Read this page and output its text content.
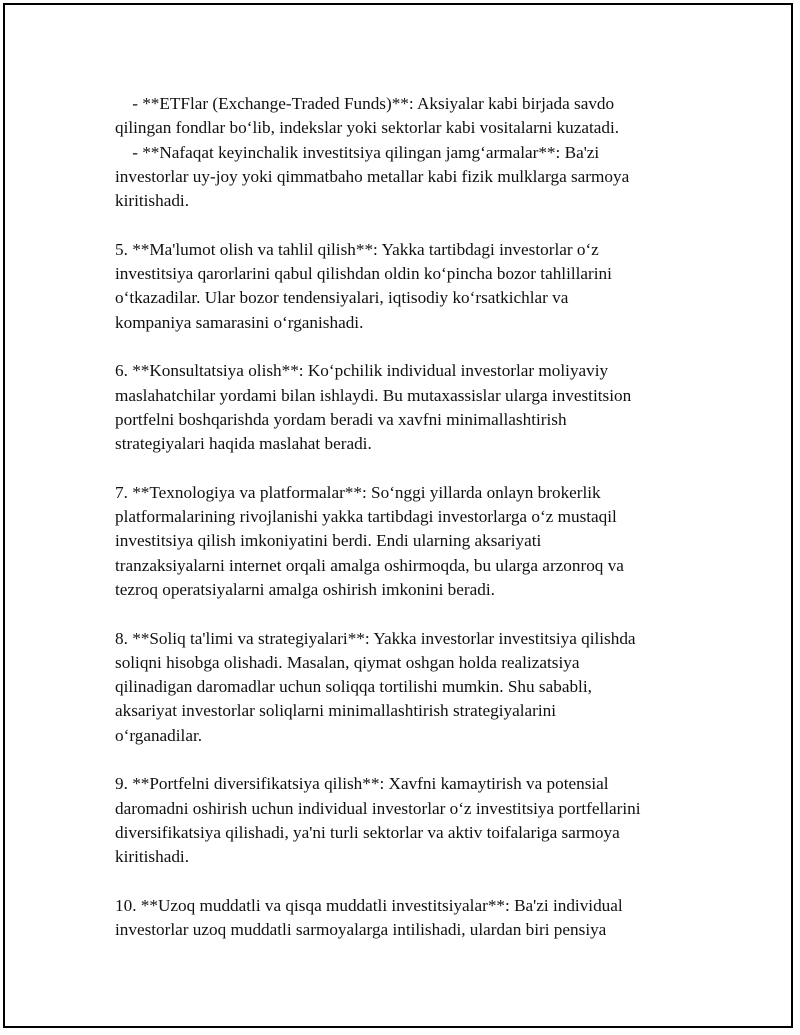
- **ETFlar (Exchange-Traded Funds)**: Aksiyalar kabi birjada savdo
qilingan fondlar bo‘lib, indekslar yoki sektorlar kabi vositalarni kuzatadi.
- **Nafaqat keyinchalik investitsiya qilingan jamg‘armalar**: Ba'zi
investorlar uy-joy yoki qimmatbaho metallar kabi fizik mulklarga sarmoya
kiritishadi.
5. **Ma'lumot olish va tahlil qilish**: Yakka tartibdagi investorlar o‘z
investitsiya qarorlarini qabul qilishdan oldin ko‘pincha bozor tahlillarini
o‘tkazadilar. Ular bozor tendensiyalari, iqtisodiy ko‘rsatkichlar va
kompaniya samarasini o‘rganishadi.
6. **Konsultatsiya olish**: Ko‘pchilik individual investorlar moliyaviy
maslahatchilar yordami bilan ishlaydi. Bu mutaxassislar ularga investitsion
portfelni boshqarishda yordam beradi va xavfni minimallashtirish
strategiyalari haqida maslahat beradi.
7. **Texnologiya va platformalar**: So‘nggi yillarda onlayn brokerlik
platformalarining rivojlanishi yakka tartibdagi investorlarga o‘z mustaqil
investitsiya qilish imkoniyatini berdi. Endi ularning aksariyati
tranzaksiyalarni internet orqali amalga oshirmoqda, bu ularga arzonroq va
tezroq operatsiyalarni amalga oshirish imkonini beradi.
8. **Soliq ta'limi va strategiyalari**: Yakka investorlar investitsiya qilishda
soliqni hisobga olishadi. Masalan, qiymat oshgan holda realizatsiya
qilinadigan daromadlar uchun soliqqa tortilishi mumkin. Shu sababli,
aksariyat investorlar soliqlarni minimallashtirish strategiyalarini
o‘rganadilar.
9. **Portfelni diversifikatsiya qilish**: Xavfni kamaytirish va potensial
daromadni oshirish uchun individual investorlar o‘z investitsiya portfellarini
diversifikatsiya qilishadi, ya'ni turli sektorlar va aktiv toifalariga sarmoya
kiritishadi.
10. **Uzoq muddatli va qisqa muddatli investitsiyalar**: Ba'zi individual
investorlar uzoq muddatli sarmoyalarga intilishadi, ulardan biri pensiya
